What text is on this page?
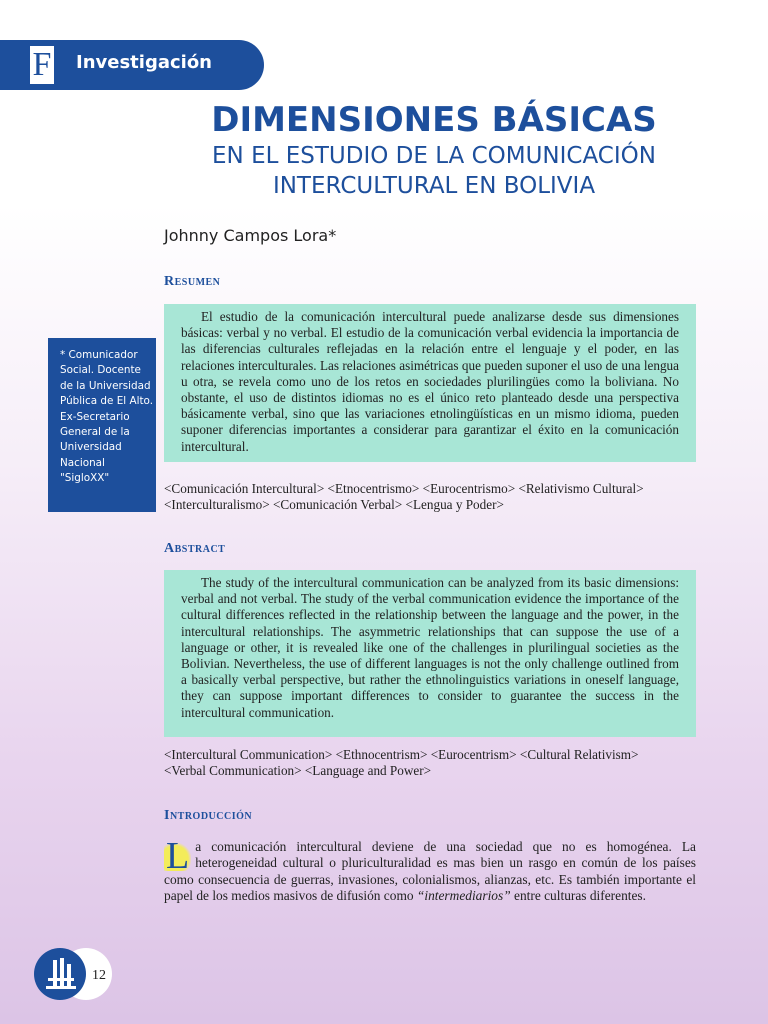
F Investigación
DIMENSIONES BÁSICAS
EN EL ESTUDIO DE LA COMUNICACIÓN
INTERCULTURAL EN BOLIVIA
Johnny Campos Lora*
* Comunicador
Social. Docente
de la Universidad
Pública de El Alto.
Ex-Secretario
General de la
Universidad
Nacional
"SigloXX"
Resumen

El estudio de la comunicación intercultural puede analizarse desde sus dimensiones básicas: verbal y no verbal. El estudio de la comunicación verbal evidencia la importancia de las diferencias culturales reflejadas en la relación entre el lenguaje y el poder, en las relaciones interculturales. Las relaciones asimétricas que pueden suponer el uso de una lengua u otra, se revela como uno de los retos en sociedades plurilingües como la boliviana. No obstante, el uso de distintos idiomas no es el único reto planteado desde una perspectiva básicamente verbal, sino que las variaciones etnolingüísticas en un mismo idioma, pueden suponer diferencias importantes a considerar para garantizar el éxito en la comunicación intercultural.

<Comunicación Intercultural> <Etnocentrismo> <Eurocentrismo> <Relativismo Cultural>
<Interculturalismo> <Comunicación Verbal> <Lengua y Poder>
Abstract

The study of the intercultural communication can be analyzed from its basic dimensions: verbal and not verbal. The study of the verbal communication evidence the importance of the cultural differences reflected in the relationship between the language and the power, in the intercultural relationships. The asymmetric relationships that can suppose the use of a language or other, it is revealed like one of the challenges in plurilingual societies as the Bolivian. Nevertheless, the use of different languages is not the only challenge outlined from a basically verbal perspective, but rather the ethnolinguistics variations in oneself language, they can suppose important differences to consider to guarantee the success in the intercultural communication.

<Intercultural Communication> <Ethnocentrism> <Eurocentrism> <Cultural Relativism>
<Verbal Communication> <Language and Power>
Introducción

L a comunicación intercultural deviene de una sociedad que no es homogénea. La heterogeneidad cultural o pluriculturalidad es mas bien un rasgo en común de los países como consecuencia de guerras, invasiones, colonialismos, alianzas, etc. Es también importante el papel de los medios masivos de difusión como “intermediarios” entre culturas diferentes.

12
